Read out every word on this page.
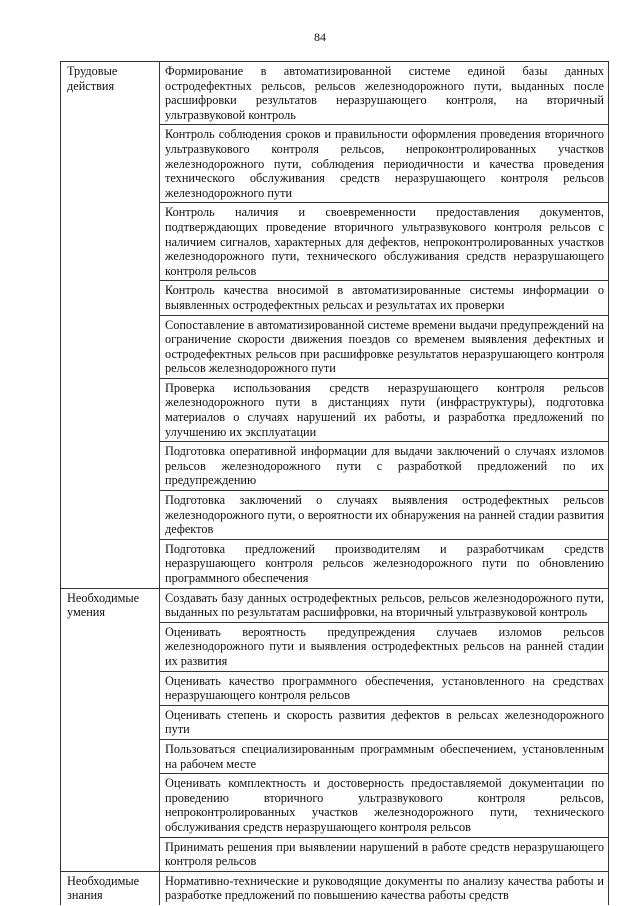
84
Трудовые действия	Формирование в автоматизированной системе единой базы данных остродефектных рельсов, рельсов железнодорожного пути, выданных после расшифровки результатов неразрушающего контроля, на вторичный ультразвуковой контроль
	Контроль соблюдения сроков и правильности оформления проведения вторичного ультразвукового контроля рельсов, непроконтролированных участков железнодорожного пути, соблюдения периодичности и качества проведения технического обслуживания средств неразрушающего контроля рельсов железнодорожного пути
	Контроль наличия и своевременности предоставления документов, подтверждающих проведение вторичного ультразвукового контроля рельсов с наличием сигналов, характерных для дефектов, непроконтролированных участков железнодорожного пути, технического обслуживания средств неразрушающего контроля рельсов
	Контроль качества вносимой в автоматизированные системы информации о выявленных остродефектных рельсах и результатах их проверки
	Сопоставление в автоматизированной системе времени выдачи предупреждений на ограничение скорости движения поездов со временем выявления дефектных и остродефектных рельсов при расшифровке результатов неразрушающего контроля рельсов железнодорожного пути
	Проверка использования средств неразрушающего контроля рельсов железнодорожного пути в дистанциях пути (инфраструктуры), подготовка материалов о случаях нарушений их работы, и разработка предложений по улучшению их эксплуатации
	Подготовка оперативной информации для выдачи заключений о случаях изломов рельсов железнодорожного пути с разработкой предложений по их предупреждению
	Подготовка заключений о случаях выявления остродефектных рельсов железнодорожного пути, о вероятности их обнаружения на ранней стадии развития дефектов
	Подготовка предложений производителям и разработчикам средств неразрушающего контроля рельсов железнодорожного пути по обновлению программного обеспечения
Необходимые умения	Создавать базу данных остродефектных рельсов, рельсов железнодорожного пути, выданных по результатам расшифровки, на вторичный ультразвуковой контроль
	Оценивать вероятность предупреждения случаев изломов рельсов железнодорожного пути и выявления остродефектных рельсов на ранней стадии их развития
	Оценивать качество программного обеспечения, установленного на средствах неразрушающего контроля рельсов
	Оценивать степень и скорость развития дефектов в рельсах железнодорожного пути
	Пользоваться специализированным программным обеспечением, установленным на рабочем месте
	Оценивать комплектность и достоверность предоставляемой документации по проведению вторичного ультразвукового контроля рельсов, непроконтролированных участков железнодорожного пути, технического обслуживания средств неразрушающего контроля рельсов
	Принимать решения при выявлении нарушений в работе средств неразрушающего контроля рельсов
Необходимые знания	Нормативно-технические и руководящие документы по анализу качества работы и разработке предложений по повышению качества работы средств
